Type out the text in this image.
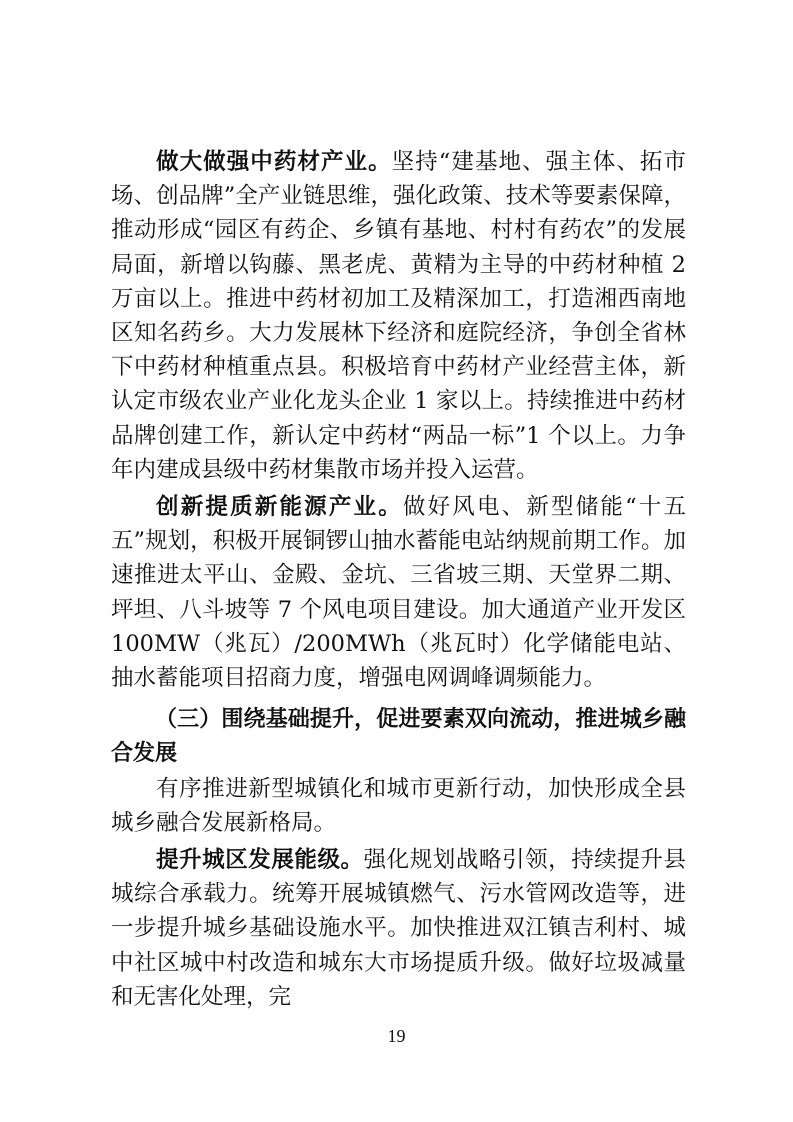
做大做强中药材产业。坚持“建基地、强主体、拓市场、创品牌”全产业链思维，强化政策、技术等要素保障，推动形成“园区有药企、乡镇有基地、村村有药农”的发展局面，新增以钩藤、黑老虎、黄精为主导的中药材种植 2 万亩以上。推进中药材初加工及精深加工，打造湘西南地区知名药乡。大力发展林下经济和庭院经济，争创全省林下中药材种植重点县。积极培育中药材产业经营主体，新认定市级农业产业化龙头企业 1 家以上。持续推进中药材品牌创建工作，新认定中药材“两品一标”1 个以上。力争年内建成县级中药材集散市场并投入运营。

创新提质新能源产业。做好风电、新型储能“十五五”规划，积极开展铜锣山抽水蓄能电站纳规前期工作。加速推进太平山、金殿、金坑、三省坡三期、天堂界二期、坪坦、八斗坡等 7 个风电项目建设。加大通道产业开发区 100MW（兆瓦）/200MWh（兆瓦时）化学储能电站、抽水蓄能项目招商力度，增强电网调峰调频能力。

（三）围绕基础提升，促进要素双向流动，推进城乡融合发展

有序推进新型城镇化和城市更新行动，加快形成全县城乡融合发展新格局。

提升城区发展能级。强化规划战略引领，持续提升县城综合承载力。统筹开展城镇燃气、污水管网改造等，进一步提升城乡基础设施水平。加快推进双江镇吉利村、城中社区城中村改造和城东大市场提质升级。做好垃圾减量和无害化处理，完

19
